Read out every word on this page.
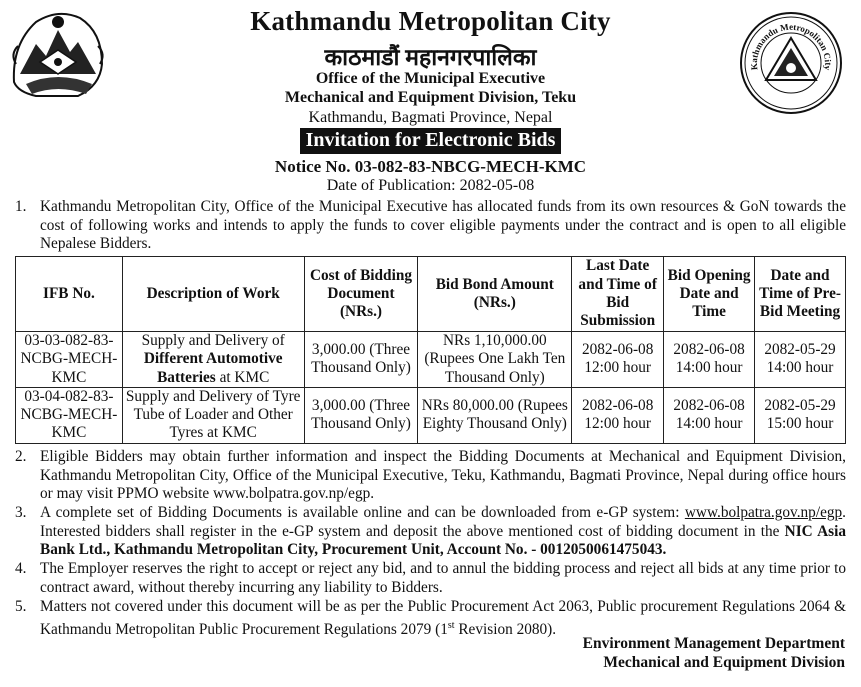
Kathmandu Metropolitan City
Kathmandu Metropolitan City
काठमाडौं महानगरपालिका
Office of the Municipal Executive
Mechanical and Equipment Division, Teku
Kathmandu, Bagmati Province, Nepal
Invitation for Electronic Bids
Notice No. 03-082-83-NBCG-MECH-KMC
Date of Publication: 2082-05-08
1. Kathmandu Metropolitan City, Office of the Municipal Executive has allocated funds from its own resources & GoN towards the cost of following works and intends to apply the funds to cover eligible payments under the contract and is open to all eligible Nepalese Bidders.
IFB No.	Description of Work	Cost of Bidding Document (NRs.)	Bid Bond Amount (NRs.)	Last Date and Time of Bid Submission	Bid Opening Date and Time	Date and Time of Pre-Bid Meeting
03-03-082-83-NCBG-MECH-KMC	Supply and Delivery of Different Automotive Batteries at KMC	3,000.00 (Three Thousand Only)	NRs 1,10,000.00 (Rupees One Lakh Ten Thousand Only)	2082-06-08 12:00 hour	2082-06-08 14:00 hour	2082-05-29 14:00 hour
03-04-082-83-NCBG-MECH-KMC	Supply and Delivery of Tyre Tube of Loader and Other Tyres at KMC	3,000.00 (Three Thousand Only)	NRs 80,000.00 (Rupees Eighty Thousand Only)	2082-06-08 12:00 hour	2082-06-08 14:00 hour	2082-05-29 15:00 hour
2. Eligible Bidders may obtain further information and inspect the Bidding Documents at Mechanical and Equipment Division, Kathmandu Metropolitan City, Office of the Municipal Executive, Teku, Kathmandu, Bagmati Province, Nepal during office hours or may visit PPMO website www.bolpatra.gov.np/egp.
3. A complete set of Bidding Documents is available online and can be downloaded from e-GP system: www.bolpatra.gov.np/egp. Interested bidders shall register in the e-GP system and deposit the above mentioned cost of bidding document in the NIC Asia Bank Ltd., Kathmandu Metropolitan City, Procurement Unit, Account No. - 0012050061475043.
4. The Employer reserves the right to accept or reject any bid, and to annul the bidding process and reject all bids at any time prior to contract award, without thereby incurring any liability to Bidders.
5. Matters not covered under this document will be as per the Public Procurement Act 2063, Public procurement Regulations 2064 & Kathmandu Metropolitan Public Procurement Regulations 2079 (1st Revision 2080).
Environment Management Department
Mechanical and Equipment Division
